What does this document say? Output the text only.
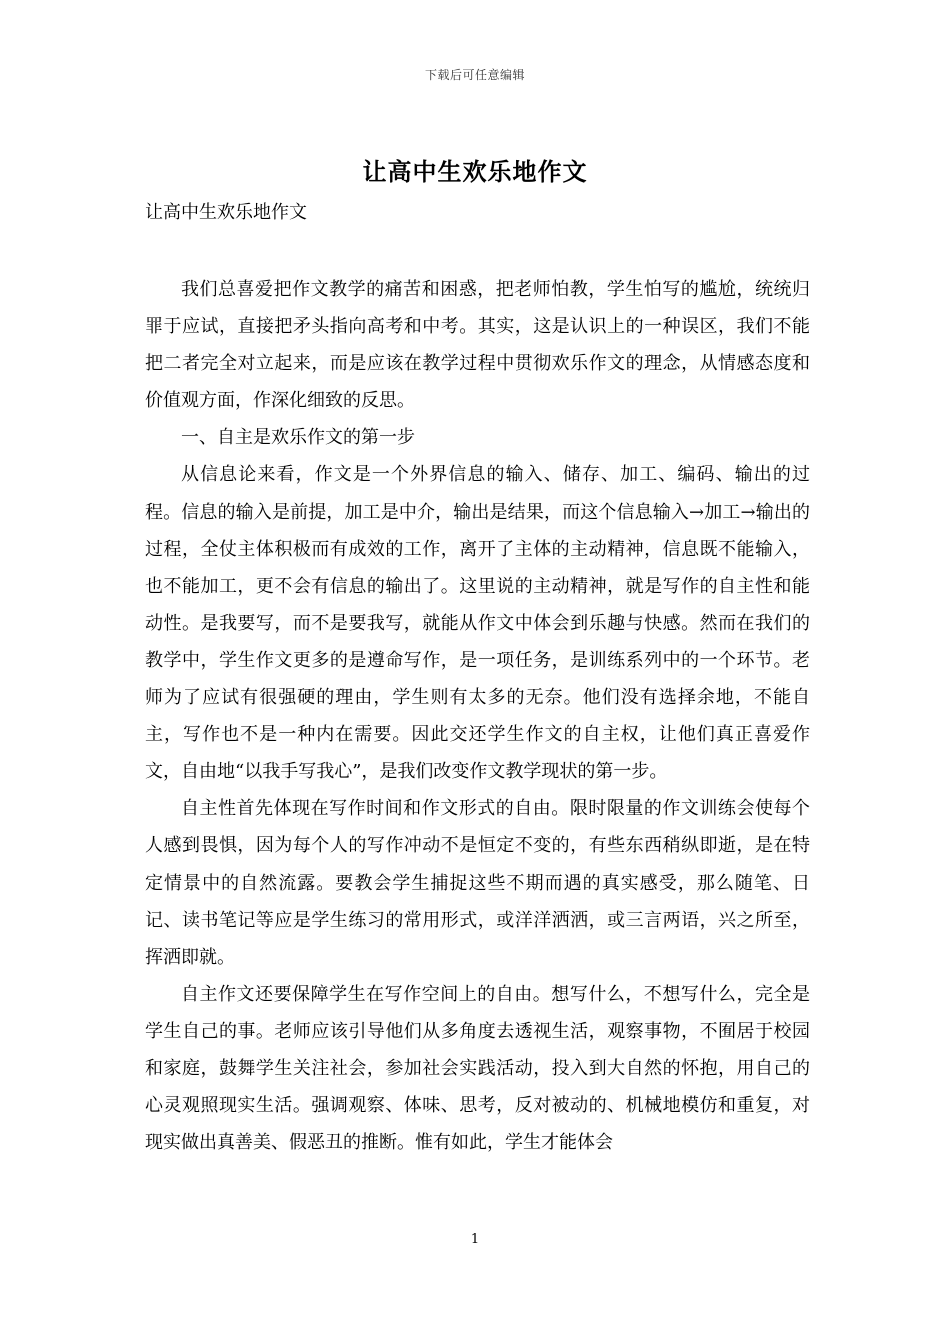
下载后可任意编辑
让高中生欢乐地作文
让高中生欢乐地作文

我们总喜爱把作文教学的痛苦和困惑，把老师怕教，学生怕写的尴尬，统统归罪于应试，直接把矛头指向高考和中考。其实，这是认识上的一种误区，我们不能把二者完全对立起来，而是应该在教学过程中贯彻欢乐作文的理念，从情感态度和价值观方面，作深化细致的反思。

一、自主是欢乐作文的第一步

从信息论来看，作文是一个外界信息的输入、储存、加工、编码、输出的过程。信息的输入是前提，加工是中介，输出是结果，而这个信息输入→加工→输出的过程，全仗主体积极而有成效的工作，离开了主体的主动精神，信息既不能输入，也不能加工，更不会有信息的输出了。这里说的主动精神，就是写作的自主性和能动性。是我要写，而不是要我写，就能从作文中体会到乐趣与快感。然而在我们的教学中，学生作文更多的是遵命写作，是一项任务，是训练系列中的一个环节。老师为了应试有很强硬的理由，学生则有太多的无奈。他们没有选择余地，不能自主，写作也不是一种内在需要。因此交还学生作文的自主权，让他们真正喜爱作文，自由地“以我手写我心”，是我们改变作文教学现状的第一步。

自主性首先体现在写作时间和作文形式的自由。限时限量的作文训练会使每个人感到畏惧，因为每个人的写作冲动不是恒定不变的，有些东西稍纵即逝，是在特定情景中的自然流露。要教会学生捕捉这些不期而遇的真实感受，那么随笔、日记、读书笔记等应是学生练习的常用形式，或洋洋洒洒，或三言两语，兴之所至，挥洒即就。

自主作文还要保障学生在写作空间上的自由。想写什么，不想写什么，完全是学生自己的事。老师应该引导他们从多角度去透视生活，观察事物，不囿居于校园和家庭，鼓舞学生关注社会，参加社会实践活动，投入到大自然的怀抱，用自己的心灵观照现实生活。强调观察、体味、思考，反对被动的、机械地模仿和重复，对现实做出真善美、假恶丑的推断。惟有如此，学生才能体会

1
